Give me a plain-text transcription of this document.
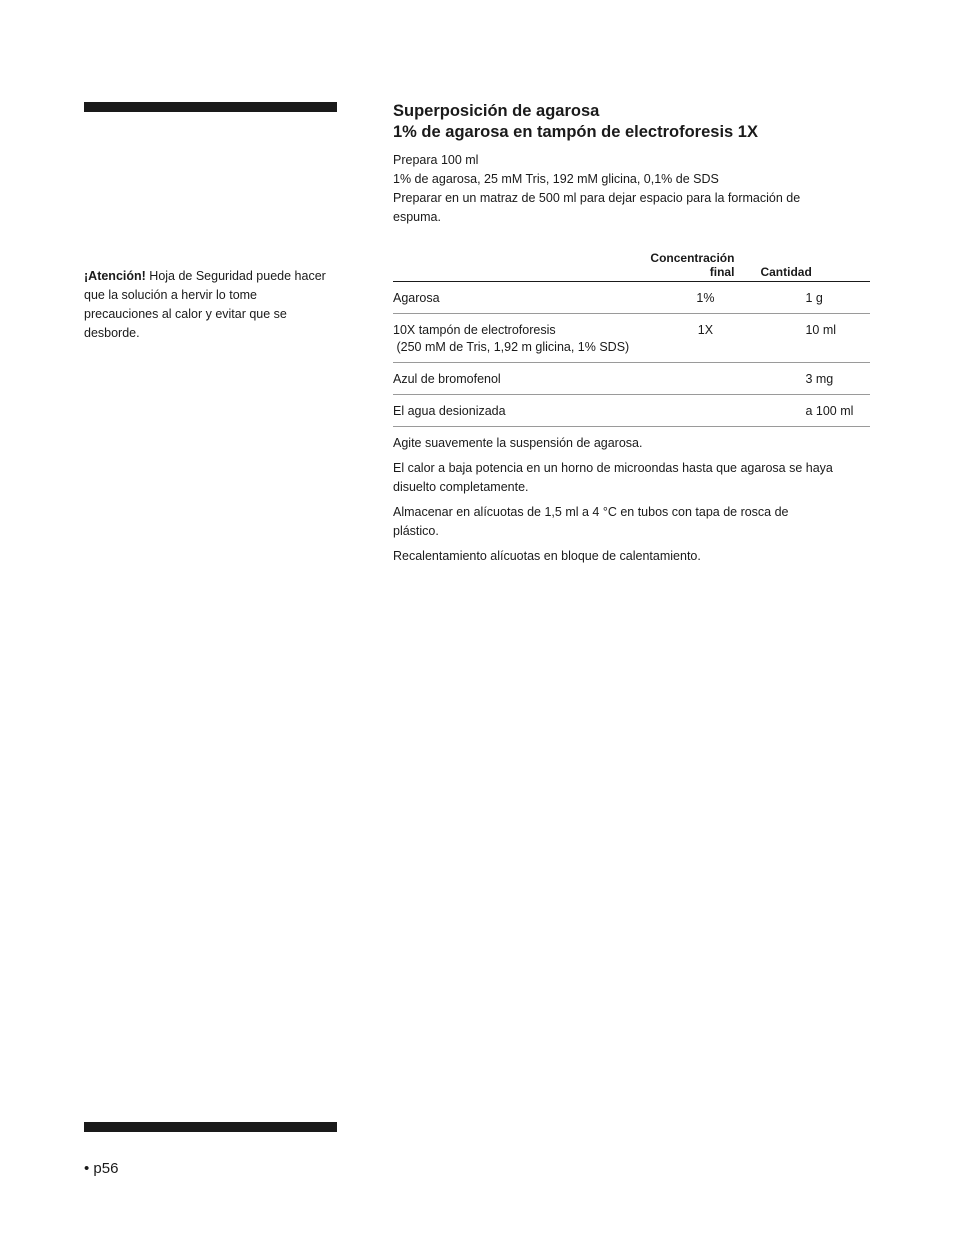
¡Atención! Hoja de Seguridad puede hacer que la solución a hervir lo tome precauciones al calor y evitar que se desborde.
Superposición de agarosa
1% de agarosa en tampón de electroforesis 1X
Prepara 100 ml
1% de agarosa, 25 mM Tris, 192 mM glicina, 0,1% de SDS
Preparar en un matraz de 500 ml para dejar espacio para la formación de espuma.
	Concentración final	Cantidad
Agarosa	1%	1 g

10X tampón de electroforesis
(250 mM de Tris, 1,92 m glicina, 1% SDS)	1X	10 ml
Azul de bromofenol		3 mg
El agua desionizada		a 100 ml

Agite suavemente la suspensión de agarosa.

El calor a baja potencia en un horno de microondas hasta que agarosa se haya disuelto completamente.

Almacenar en alícuotas de 1,5 ml a 4 °C en tubos con tapa de rosca de plástico.

Recalentamiento alícuotas en bloque de calentamiento.

• p56
